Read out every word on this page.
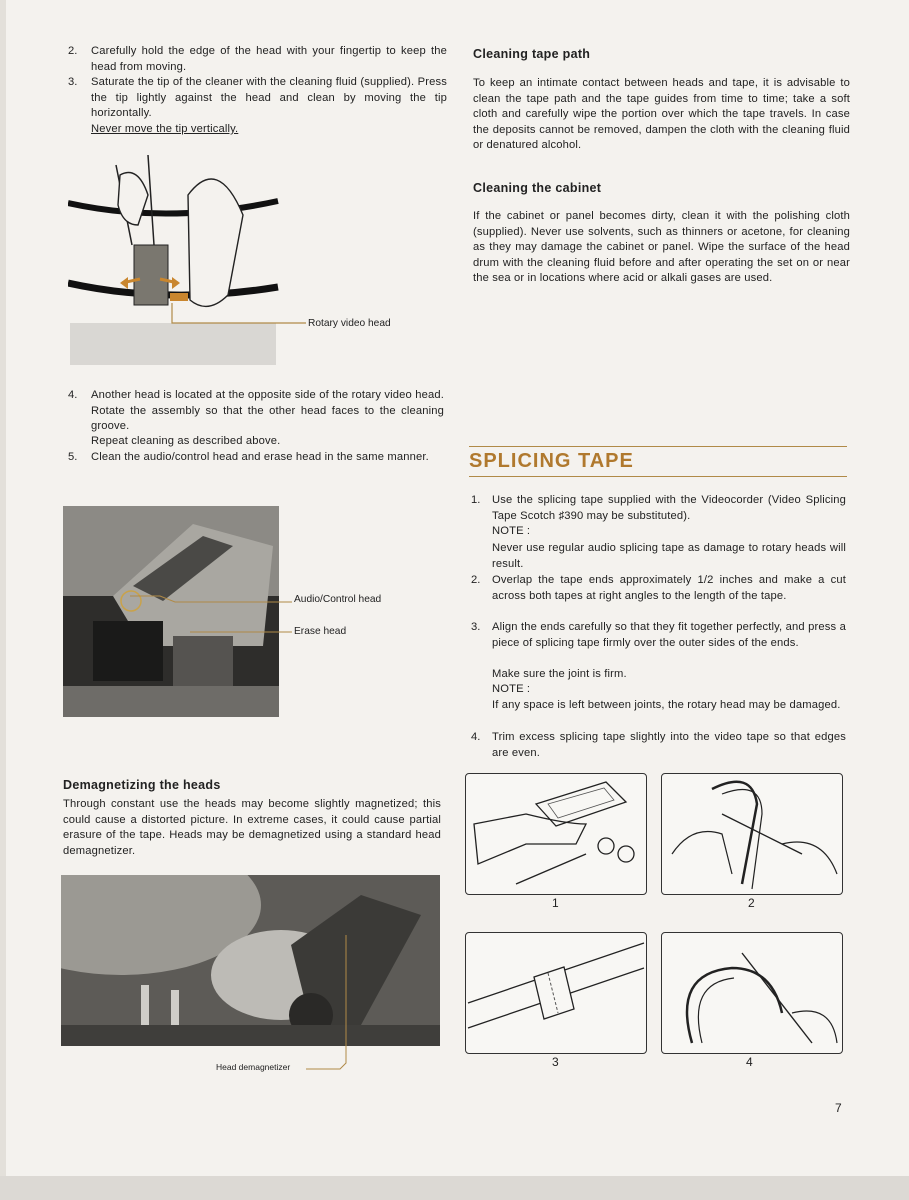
2. Carefully hold the edge of the head with your fingertip to keep the head from moving.

3. Saturate the tip of the cleaner with the cleaning fluid (supplied). Press the tip lightly against the head and clean by moving the tip horizontally.

Never move the tip vertically.

Rotary video head
4. Another head is located at the opposite side of the rotary video head. Rotate the assembly so that the other head faces to the cleaning groove.

Repeat cleaning as described above.

5. Clean the audio/control head and erase head in the same manner.

Audio/Control head
Erase head
Demagnetizing the heads

Through constant use the heads may become slightly magnetized; this could cause a distorted picture. In extreme cases, it could cause partial erasure of the tape. Heads may be demagnetized using a standard head demagnetizer.

Head demagnetizer
Cleaning tape path

To keep an intimate contact between heads and tape, it is advisable to clean the tape path and the tape guides from time to time; take a soft cloth and carefully wipe the portion over which the tape travels. In case the deposits cannot be removed, dampen the cloth with the cleaning fluid or denatured alcohol.

Cleaning the cabinet

If the cabinet or panel becomes dirty, clean it with the polishing cloth (supplied). Never use solvents, such as thinners or acetone, for cleaning as they may damage the cabinet or panel. Wipe the surface of the head drum with the cleaning fluid before and after operating the set on or near the sea or in locations where acid or alkali gases are used.

SPLICING TAPE
1. Use the splicing tape supplied with the Videocorder (Video Splicing Tape Scotch ♯390 may be substituted).

NOTE :

Never use regular audio splicing tape as damage to rotary heads will result.

2. Overlap the tape ends approximately 1/2 inches and make a cut across both tapes at right angles to the length of the tape.

3. Align the ends carefully so that they fit together perfectly, and press a piece of splicing tape firmly over the outer sides of the ends.

Make sure the joint is firm.

NOTE :

If any space is left between joints, the rotary head may be damaged.

4. Trim excess splicing tape slightly into the video tape so that edges are even.

1	2
3	4
7
